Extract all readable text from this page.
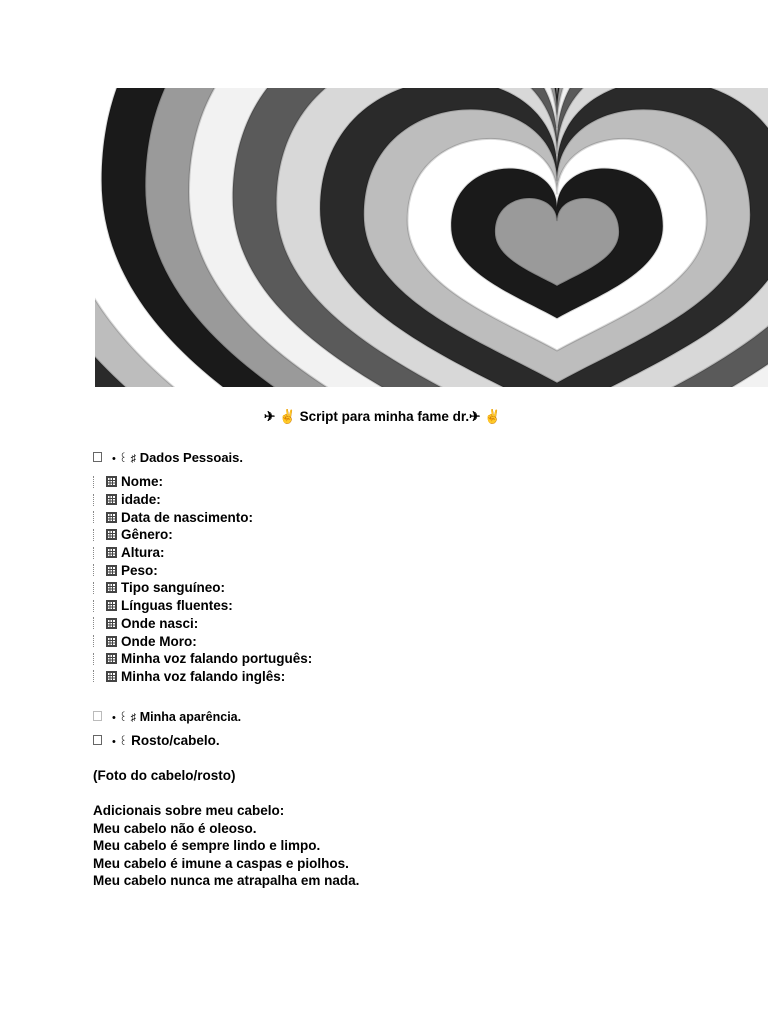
✈ ✌ Script para minha fame dr.✈ ✌
• ꒰ ♯ Dados Pessoais.
Nome:
idade:
Data de nascimento:
Gênero:
Altura:
Peso:
Tipo sanguíneo:
Línguas fluentes:
Onde nasci:
Onde Moro:
Minha voz falando português:
Minha voz falando inglês:
• ꒰ ♯ Minha aparência.
• ꒰ Rosto/cabelo.
(Foto do cabelo/rosto)
Adicionais sobre meu cabelo:
Meu cabelo não é oleoso.
Meu cabelo é sempre lindo e limpo.
Meu cabelo é imune a caspas e piolhos.
Meu cabelo nunca me atrapalha em nada.
